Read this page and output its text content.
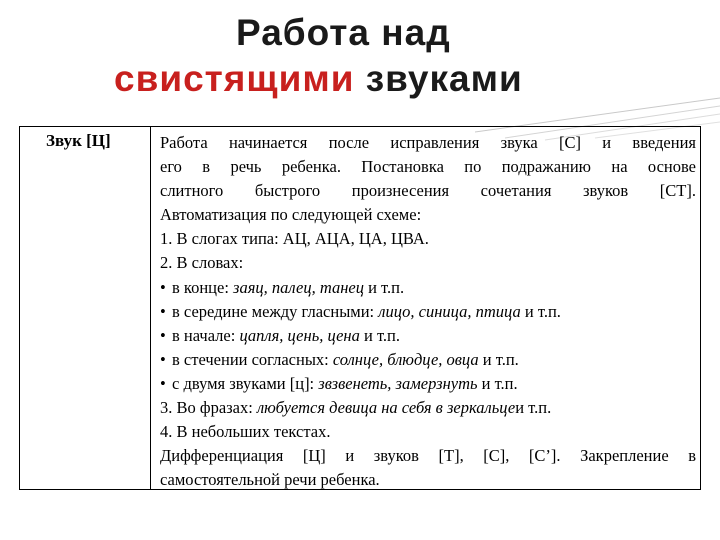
Работа над
свистящими звуками
Звук [Ц]	Работа начинается после исправления звука [С] и введения
его в речь ребенка. Постановка по подражанию на основе
слитного быстрого произнесения сочетания звуков [СТ].
Автоматизация по следующей схеме:
1. В слогах типа: АЦ, АЦА, ЦА, ЦВА.
2. В словах:
• в конце: заяц, палец, танец и т.п.
• в середине между гласными: лицо, синица, птица и т.п.
• в начале: цапля, цень, цена и т.п.
• в стечении согласных: солнце, блюдце, овца и т.п.
• с двумя звуками [ц]: звзвенеть, замерзнуть и т.п.
3. Во фразах: любуется девица на себя в зеркальцеи т.п.
4. В небольших текстах.
Дифференциация [Ц] и звуков [Т], [С], [С’]. Закрепление в
самостоятельной речи ребенка.
